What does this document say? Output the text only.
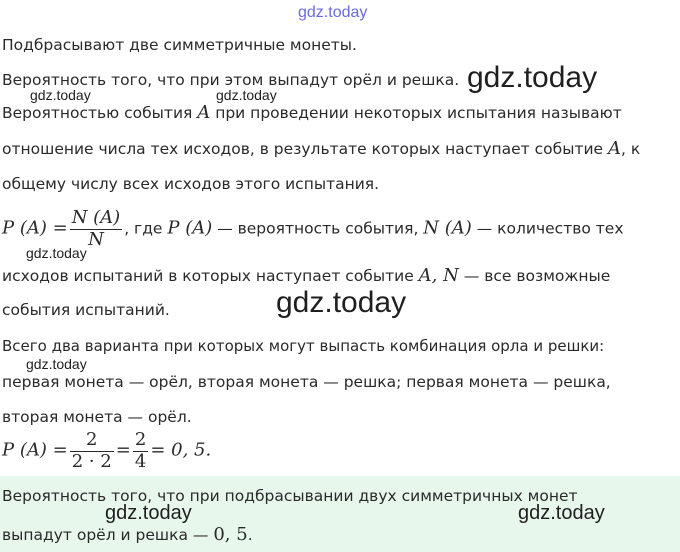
gdz.today
Подбрасывают две симметричные монеты.
Вероятность того, что при этом выпадут орёл и решка. gdz.today
gdz.today	gdz.today
Вероятностью события A при проведении некоторых испытания называют
отношение числа тех исходов, в результате которых наступает событие A, к
общему числу всех исходов этого испытания.
P $(A) = \frac{N (A)}{N}$ , где P (A) — вероятность события, N (A) — количество тех
gdz.today
исходов испытаний в которых наступает событие A, N — все возможные
события испытаний.	gdz.today
Всего два варианта при которых могут выпасть комбинация орла и решки:
gdz.today
первая монета — орёл, вторая монета — решка; первая монета — решка,
вторая монета — орёл.
P $(A) = \frac{2}{2 \cdot 2} = \frac{2}{4} = 0$, 5.
Вероятность того, что при подбрасывании двух симметричных монет
выпадут орёл и решка — 0, 5.
gdz.today	gdz.today
